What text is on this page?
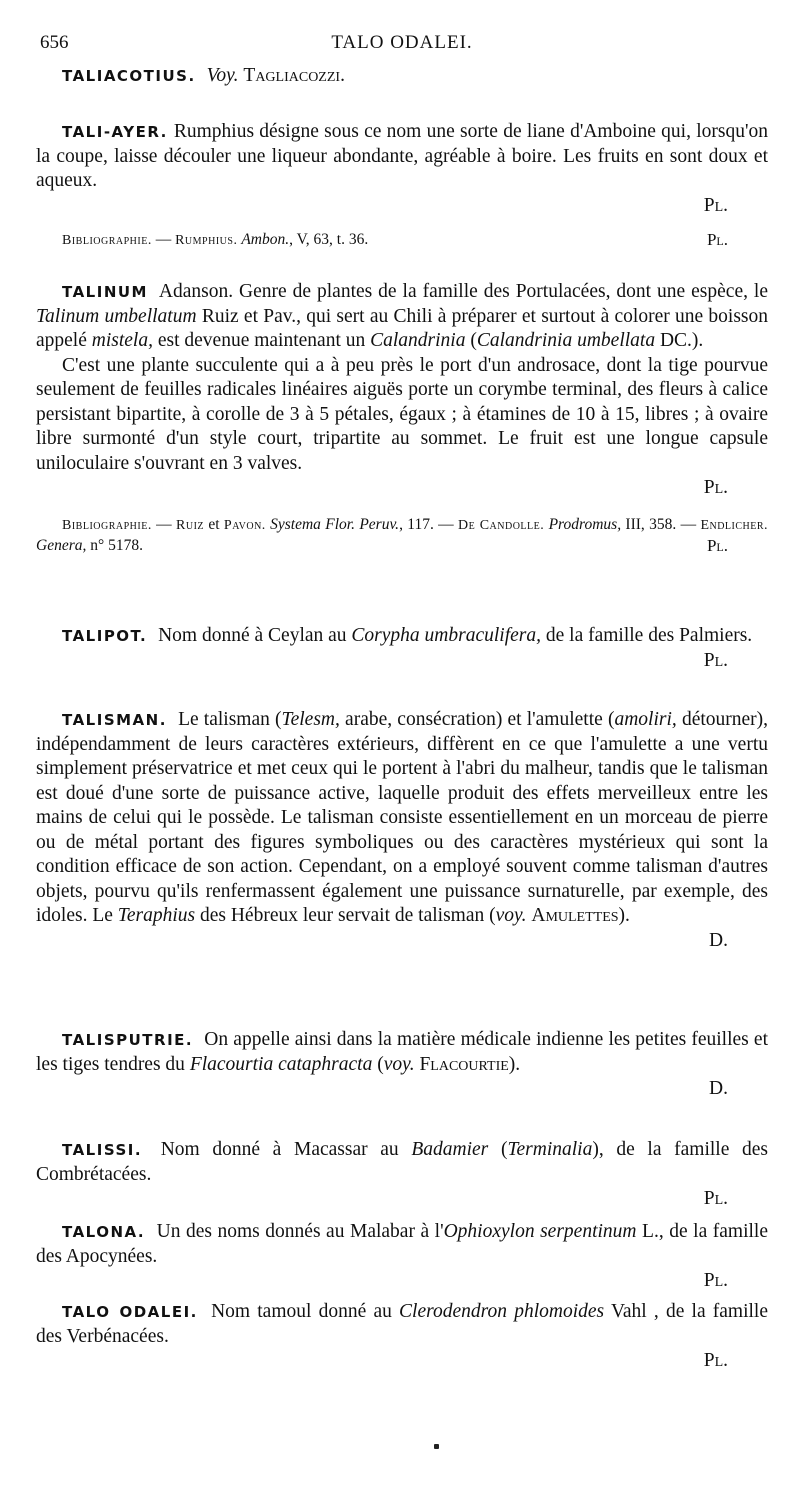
656	TALO ODALEI.

TALIACOTIUS. Voy. Tagliacozzi.

TALI-AYER. Rumphius désigne sous ce nom une sorte de liane d'Amboine qui, lorsqu'on la coupe, laisse découler une liqueur abondante, agréable à boire. Les fruits en sont doux et aqueux.
Pl.

Bibliographie. — Rumphius. Ambon., V, 63, t. 36.	Pl.

TALINUM Adanson. Genre de plantes de la famille des Portulacées, dont une espèce, le Talinum umbellatum Ruiz et Pav., qui sert au Chili à préparer et surtout à colorer une boisson appelé mistela, est devenue maintenant un Calandrinia (Calandrinia umbellata DC.).

C'est une plante succulente qui a à peu près le port d'un androsace, dont la tige pourvue seulement de feuilles radicales linéaires aiguës porte un corymbe terminal, des fleurs à calice persistant bipartite, à corolle de 3 à 5 pétales, égaux ; à étamines de 10 à 15, libres ; à ovaire libre surmonté d'un style court, tripartite au sommet. Le fruit est une longue capsule uniloculaire s'ouvrant en 3 valves.
Pl.

Bibliographie. — Ruiz et Pavon. Systema Flor. Peruv., 117. — De Candolle. Prodromus, III, 358. — Endlicher. Genera, n° 5178.	Pl.

TALIPOT. Nom donné à Ceylan au Corypha umbraculifera, de la famille des Palmiers.
Pl.

TALISMAN. Le talisman (Telesm, arabe, consécration) et l'amulette (amoliri, détourner), indépendamment de leurs caractères extérieurs, diffèrent en ce que l'amulette a une vertu simplement préservatrice et met ceux qui le portent à l'abri du malheur, tandis que le talisman est doué d'une sorte de puissance active, laquelle produit des effets merveilleux entre les mains de celui qui le possède. Le talisman consiste essentiellement en un morceau de pierre ou de métal portant des figures symboliques ou des caractères mystérieux qui sont la condition efficace de son action. Cependant, on a employé souvent comme talisman d'autres objets, pourvu qu'ils renfermassent également une puissance surnaturelle, par exemple, des idoles. Le Teraphius des Hébreux leur servait de talisman (voy. Amulettes).
D.

TALISPUTRIE. On appelle ainsi dans la matière médicale indienne les petites feuilles et les tiges tendres du Flacourtia cataphracta (voy. Flacourtie).
D.

TALISSI. Nom donné à Macassar au Badamier (Terminalia), de la famille des Combrétacées.
Pl.

TALONA. Un des noms donnés au Malabar à l'Ophioxylon serpentinum L., de la famille des Apocynées.
Pl.

TALO ODALEI. Nom tamoul donné au Clerodendron phlomoides Vahl , de la famille des Verbénacées.
Pl.
